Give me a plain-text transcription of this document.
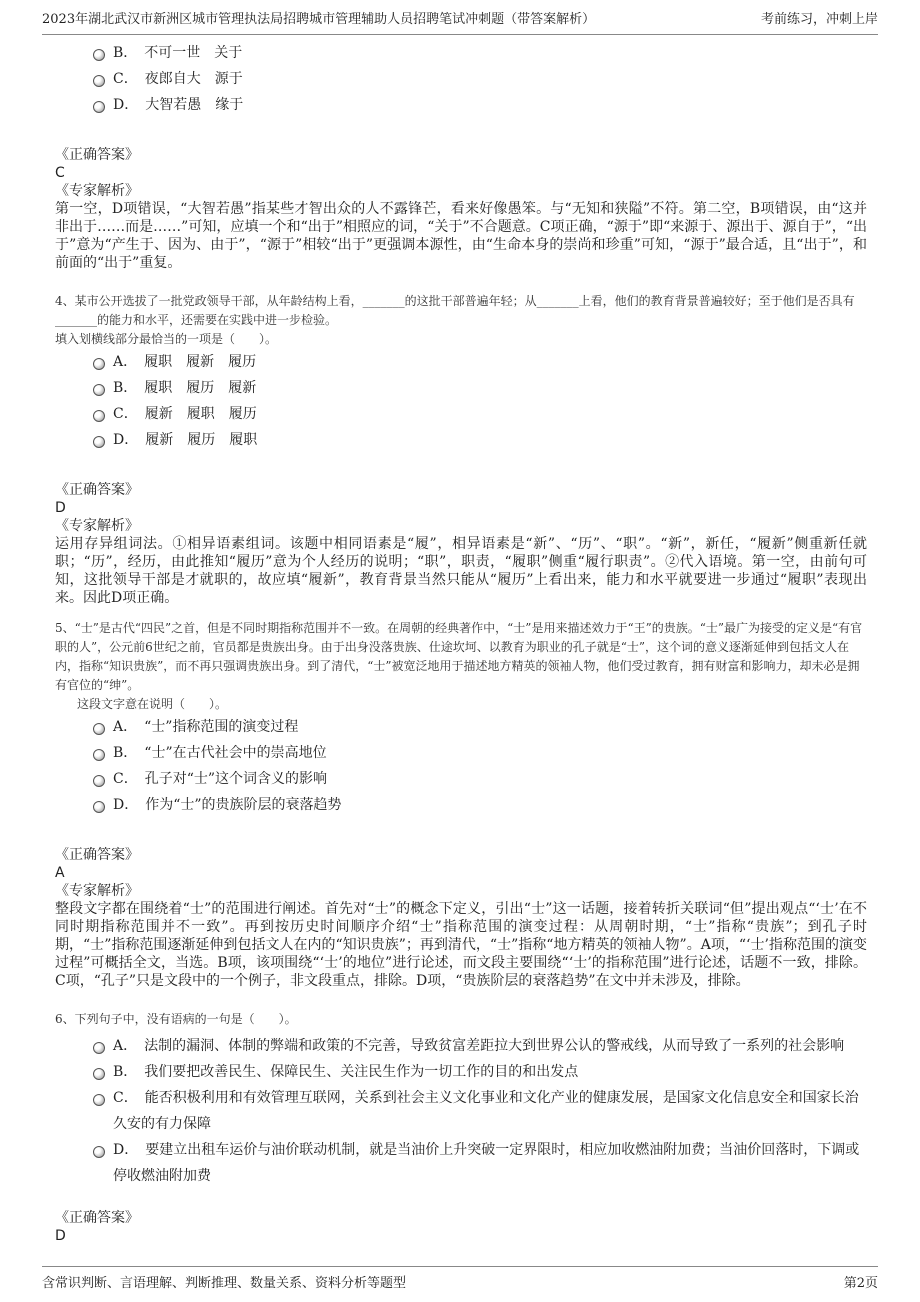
2023年湖北武汉市新洲区城市管理执法局招聘城市管理辅助人员招聘笔试冲刺题（带答案解析）	考前练习，冲刺上岸
B．　不可一世　关于
C．　夜郎自大　源于
D．　大智若愚　缘于
《正确答案》
C
《专家解析》
第一空，D项错误，“大智若愚”指某些才智出众的人不露锋芒，看来好像愚笨。与“无知和狭隘”不符。第二空，B项错误，由“这并非出于……而是……”可知，应填一个和“出于”相照应的词，“关于”不合题意。C项正确，“源于”即“来源于、源出于、源自于”，“出于”意为“产生于、因为、由于”，“源于”相较“出于”更强调本源性，由“生命本身的崇尚和珍重”可知，“源于”最合适，且“出于”，和前面的“出于”重复。
4、某市公开选拔了一批党政领导干部，从年龄结构上看，_______的这批干部普遍年轻；从_______上看，他们的教育背景普遍较好；至于他们是否具有_______的能力和水平，还需要在实践中进一步检验。
填入划横线部分最恰当的一项是（　　）。
A．　履职　履新　履历
B．　履职　履历　履新
C．　履新　履职　履历
D．　履新　履历　履职
《正确答案》
D
《专家解析》
运用存异组词法。①相异语素组词。该题中相同语素是“履”，相异语素是“新”、“历”、“职”。“新”，新任，“履新”侧重新任就职；“历”，经历，由此推知“履历”意为个人经历的说明；“职”，职责，“履职”侧重“履行职责”。②代入语境。第一空，由前句可知，这批领导干部是才就职的，故应填“履新”，教育背景当然只能从“履历”上看出来，能力和水平就要进一步通过“履职”表现出来。因此D项正确。
5、“士”是古代“四民”之首，但是不同时期指称范围并不一致。在周朝的经典著作中，“士”是用来描述效力于“王”的贵族。“士”最广为接受的定义是“有官职的人”，公元前6世纪之前，官员都是贵族出身。由于出身没落贵族、仕途坎坷、以教育为职业的孔子就是“士”，这个词的意义逐渐延伸到包括文人在内，指称“知识贵族”，而不再只强调贵族出身。到了清代，“士”被宽泛地用于描述地方精英的领袖人物，他们受过教育，拥有财富和影响力，却未必是拥有官位的“绅”。
这段文字意在说明（　　）。
A．　“士”指称范围的演变过程
B．　“士”在古代社会中的崇高地位
C．　孔子对“士”这个词含义的影响
D．　作为“士”的贵族阶层的衰落趋势
《正确答案》
A
《专家解析》
整段文字都在围绕着“士”的范围进行阐述。首先对“士”的概念下定义，引出“士”这一话题，接着转折关联词“但”提出观点“‘士’在不同时期指称范围并不一致”。再到按历史时间顺序介绍“士”指称范围的演变过程：从周朝时期，“士”指称“贵族”；到孔子时期，“士”指称范围逐渐延伸到包括文人在内的“知识贵族”；再到清代，“士”指称“地方精英的领袖人物”。A项，“‘士’指称范围的演变过程”可概括全文，当选。B项，该项围绕“‘士’的地位”进行论述，而文段主要围绕“‘士’的指称范围”进行论述，话题不一致，排除。C项，“孔子”只是文段中的一个例子，非文段重点，排除。D项，“贵族阶层的衰落趋势”在文中并未涉及，排除。
6、下列句子中，没有语病的一句是（　　）。
A．　法制的漏洞、体制的弊端和政策的不完善，导致贫富差距拉大到世界公认的警戒线，从而导致了一系列的社会影响
B．　我们要把改善民生、保障民生、关注民生作为一切工作的目的和出发点
C．　能否积极利用和有效管理互联网，关系到社会主义文化事业和文化产业的健康发展，是国家文化信息安全和国家长治久安的有力保障
D．　要建立出租车运价与油价联动机制，就是当油价上升突破一定界限时，相应加收燃油附加费；当油价回落时，下调或停收燃油附加费
《正确答案》
D
含常识判断、言语理解、判断推理、数量关系、资料分析等题型	第2页
